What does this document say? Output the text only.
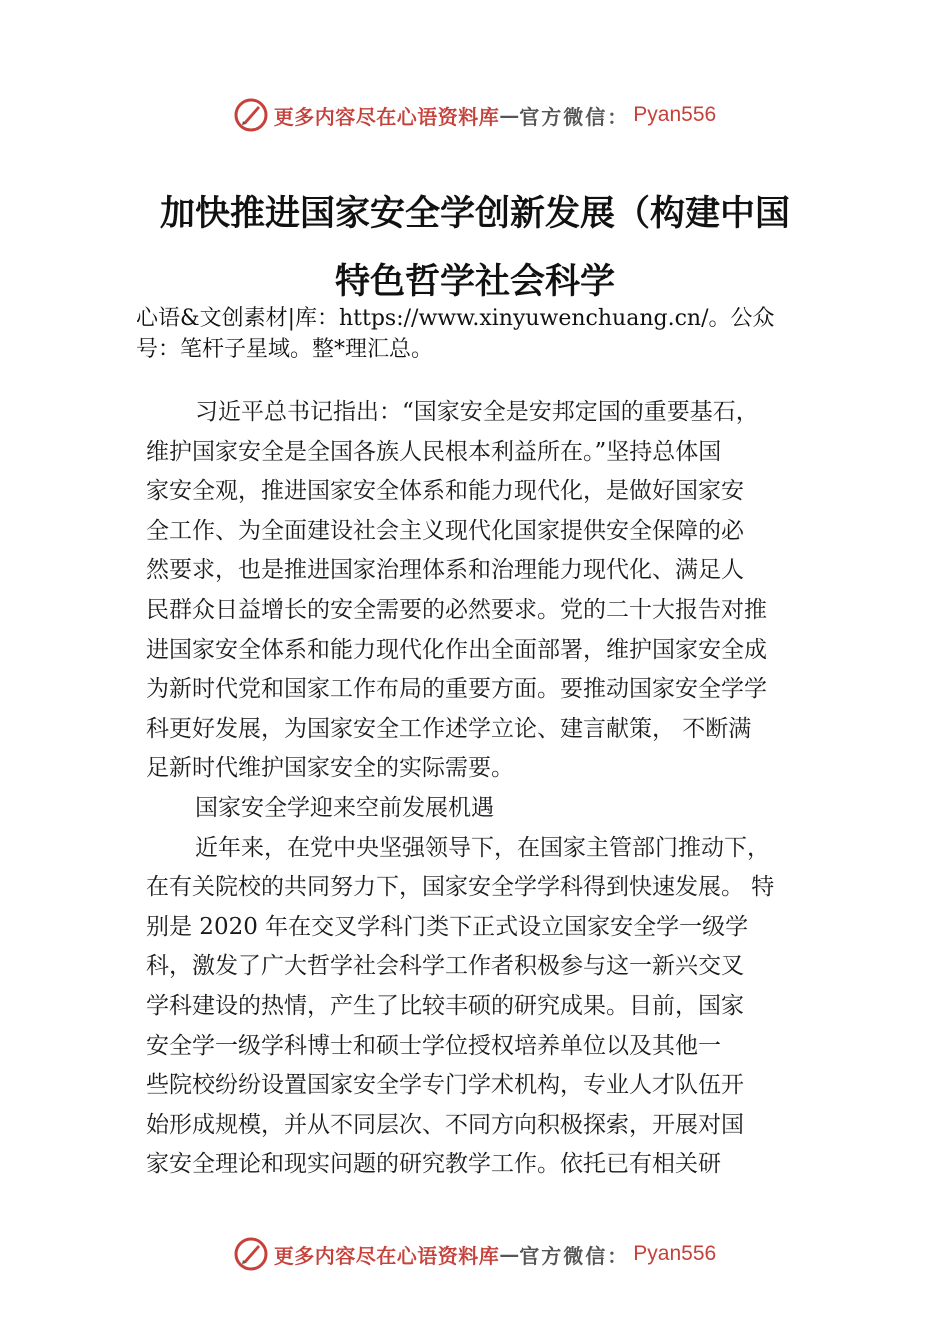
更多内容尽在心语资料库 — 官方微信： Pyan556
加快推进国家安全学创新发展（构建中国
特色哲学社会科学

心语&文创素材|库：https://www.xinyuwenchuang.cn/。公众
号：笔杆子星域。整*理汇总。

习近平总书记指出：“国家安全是安邦定国的重要基石，
维护国家安全是全国各族人民根本利益所在。”坚持总体国
家安全观，推进国家安全体系和能力现代化，是做好国家安
全工作、为全面建设社会主义现代化国家提供安全保障的必
然要求，也是推进国家治理体系和治理能力现代化、满足人
民群众日益增长的安全需要的必然要求。党的二十大报告对推
进国家安全体系和能力现代化作出全面部署，维护国家安全成
为新时代党和国家工作布局的重要方面。要推动国家安全学学
科更好发展，为国家安全工作述学立论、建言献策， 不断满
足新时代维护国家安全的实际需要。
国家安全学迎来空前发展机遇
近年来，在党中央坚强领导下，在国家主管部门推动下，
在有关院校的共同努力下，国家安全学学科得到快速发展。 特
别是 2020 年在交叉学科门类下正式设立国家安全学一级学
科，激发了广大哲学社会科学工作者积极参与这一新兴交叉
学科建设的热情，产生了比较丰硕的研究成果。目前，国家
安全学一级学科博士和硕士学位授权培养单位以及其他一
些院校纷纷设置国家安全学专门学术机构，专业人才队伍开
始形成规模，并从不同层次、不同方向积极探索，开展对国
家安全理论和现实问题的研究教学工作。依托已有相关研
更多内容尽在心语资料库 — 官方微信： Pyan556
